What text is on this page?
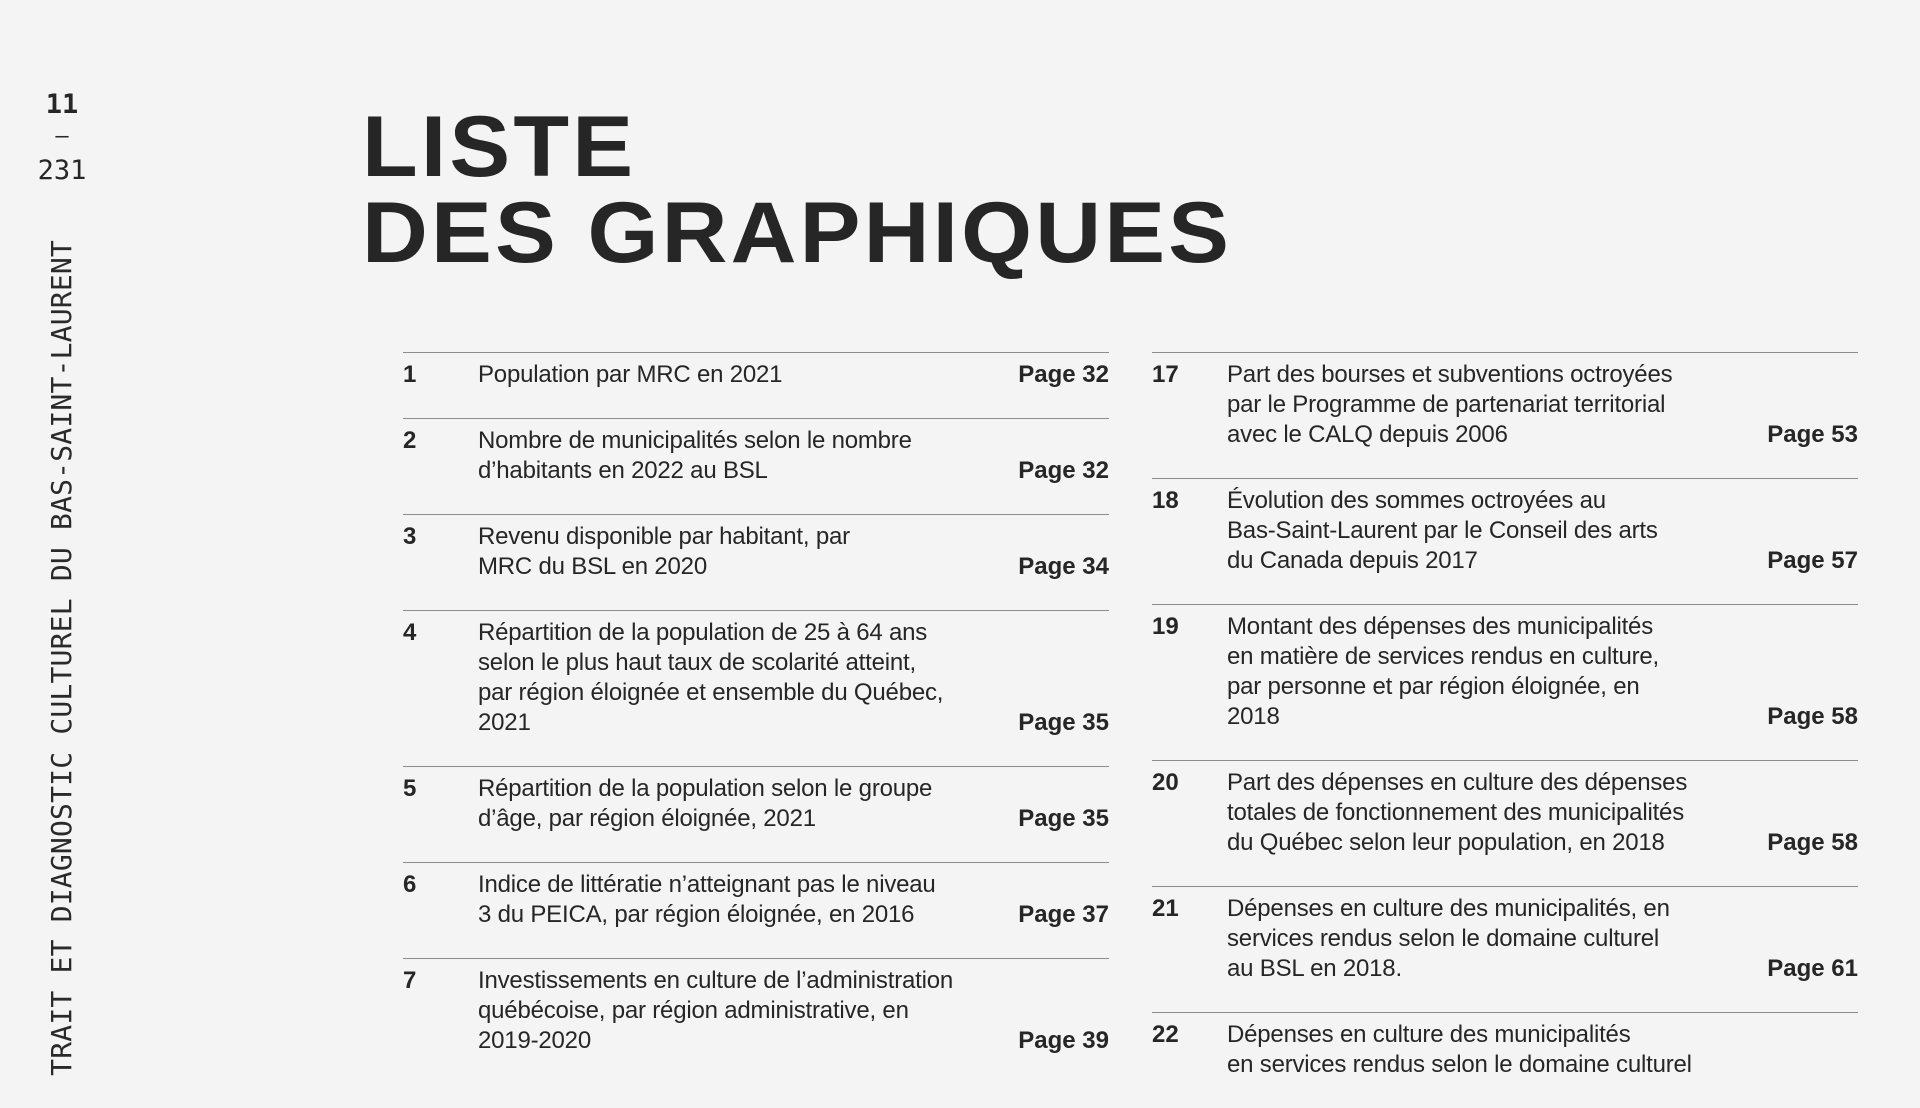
11
–
231
TRAIT ET DIAGNOSTIC CULTUREL DU BAS-SAINT-LAURENT
LISTE
DES GRAPHIQUES
1	Population par MRC en 2021	Page 32
2	Nombre de municipalités selon le nombre
d’habitants en 2022 au BSL	Page 32
3	Revenu disponible par habitant, par
MRC du BSL en 2020	Page 34
4	Répartition de la population de 25 à 64 ans
selon le plus haut taux de scolarité atteint,
par région éloignée et ensemble du Québec,
2021	Page 35
5	Répartition de la population selon le groupe
d’âge, par région éloignée, 2021	Page 35
6	Indice de littératie n’atteignant pas le niveau
3 du PEICA, par région éloignée, en 2016	Page 37
7	Investissements en culture de l’administration
québécoise, par région administrative, en
2019-2020	Page 39
17	Part des bourses et subventions octroyées
par le Programme de partenariat territorial
avec le CALQ depuis 2006	Page 53
18	Évolution des sommes octroyées au
Bas-Saint-Laurent par le Conseil des arts
du Canada depuis 2017	Page 57
19	Montant des dépenses des municipalités
en matière de services rendus en culture,
par personne et par région éloignée, en
2018	Page 58
20	Part des dépenses en culture des dépenses
totales de fonctionnement des municipalités
du Québec selon leur population, en 2018	Page 58
21	Dépenses en culture des municipalités, en
services rendus selon le domaine culturel
au BSL en 2018.	Page 61
22	Dépenses en culture des municipalités
en services rendus selon le domaine culturel
